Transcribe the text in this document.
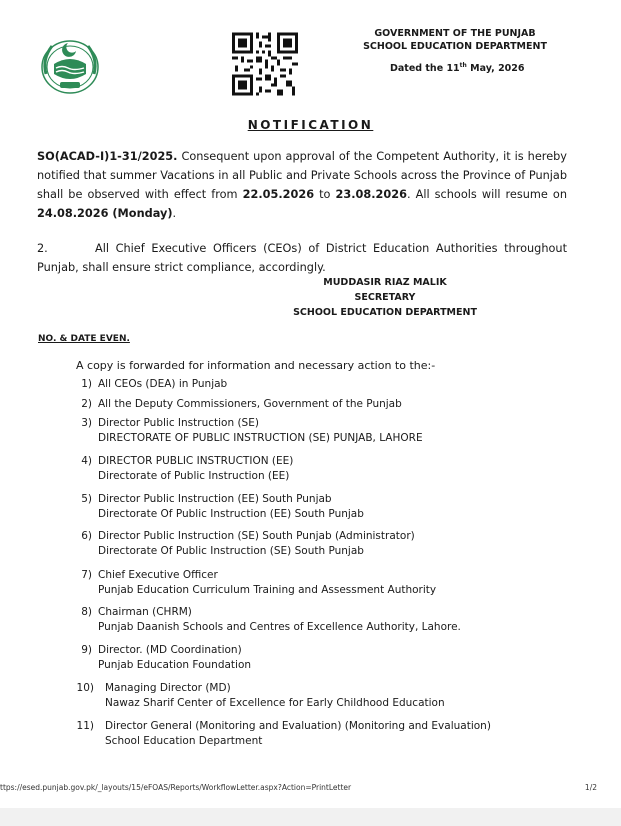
GOVERNMENT OF THE PUNJAB
SCHOOL EDUCATION DEPARTMENT
Dated the 11th May, 2026
NOTIFICATION
SO(ACAD-I)1-31/2025. Consequent upon approval of the Competent Authority, it is hereby notified that summer Vacations in all Public and Private Schools across the Province of Punjab shall be observed with effect from 22.05.2026 to 23.08.2026. All schools will resume on 24.08.2026 (Monday).
2.	All Chief Executive Officers (CEOs) of District Education Authorities throughout Punjab, shall ensure strict compliance, accordingly.
MUDDASIR RIAZ MALIK
SECRETARY
SCHOOL EDUCATION DEPARTMENT
NO. & DATE EVEN.
A copy is forwarded for information and necessary action to the:-
1) All CEOs (DEA) in Punjab
2) All the Deputy Commissioners, Government of the Punjab
3) Director Public Instruction (SE)
DIRECTORATE OF PUBLIC INSTRUCTION (SE) PUNJAB, LAHORE
4) DIRECTOR PUBLIC INSTRUCTION (EE)
Directorate of Public Instruction (EE)
5) Director Public Instruction (EE) South Punjab
Directorate Of Public Instruction (EE) South Punjab
6) Director Public Instruction (SE) South Punjab (Administrator)
Directorate Of Public Instruction (SE) South Punjab
7) Chief Executive Officer
Punjab Education Curriculum Training and Assessment Authority
8) Chairman (CHRM)
Punjab Daanish Schools and Centres of Excellence Authority, Lahore.
9) Director. (MD Coordination)
Punjab Education Foundation
10) Managing Director (MD)
Nawaz Sharif Center of Excellence for Early Childhood Education
11) Director General (Monitoring and Evaluation) (Monitoring and Evaluation)
School Education Department
ttps://esed.punjab.gov.pk/_layouts/15/eFOAS/Reports/WorkflowLetter.aspx?Action=PrintLetter	1/2
